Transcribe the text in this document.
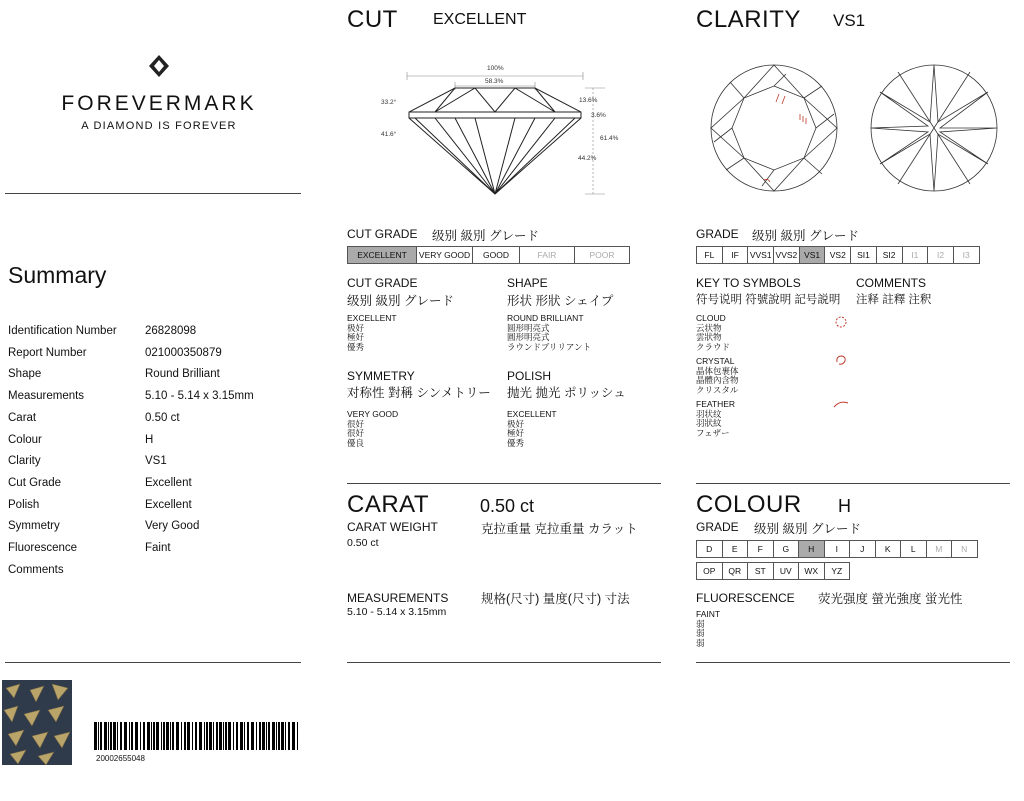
FOREVERMARK
A DIAMOND IS FOREVER
Summary
Identification Number 26828098
Report Number	021000350879
Shape	Round Brilliant
Measurements	5.10 - 5.14 x 3.15mm
Carat	0.50 ct
Colour	H
Clarity	VS1
Cut Grade	Excellent
Polish	Excellent
Symmetry	Very Good
Fluorescence	Faint
Comments
20002655048
CUT EXCELLENT
100%
58.3%
33.2°
41.6°
13.6%
3.6%
61.4%
44.2%
CUT GRADE 级别 級別 グレード
EXCELLENT	VERY GOOD	GOOD	FAIR	POOR
CUT GRADE
级别 級別 グレード
EXCELLENT
极好
極好
優秀
SHAPE
形状 形狀 シェイプ
ROUND BRILLIANT
圆形明亮式
圓形明亮式
ラウンドブリリアント
SYMMETRY
对称性 對稱 シンメトリー
VERY GOOD
很好
很好
優良
POLISH
抛光 拋光 ポリッシュ
EXCELLENT
极好
極好
優秀
CARAT	0.50 ct
CARAT WEIGHT	克拉重量 克拉重量 カラット
0.50 ct
MEASUREMENTS	规格(尺寸) 量度(尺寸) 寸法
5.10 - 5.14 x 3.15mm
CLARITY VS1
GRADE 级别 級別 グレード
FL	IF	VVS1 VVS2 VS1	VS2	SI1	SI2	I1	I2	I3
KEY TO SYMBOLS
符号说明 符號說明 記号説明
COMMENTS
注释 註釋 注釈
CLOUD
云状物
雲狀物
クラウド
CRYSTAL
晶体包裹体
晶體內含物
クリスタル
FEATHER
羽状纹
羽狀紋
フェザー
COLOUR H
GRADE 级别 級別 グレード
D	E	F	G	H	I	J	K	L	M	N
OP	QR	ST	UV	WX	YZ
FLUORESCENCE 荧光强度 螢光強度 蛍光性
FAINT
弱
弱
弱
